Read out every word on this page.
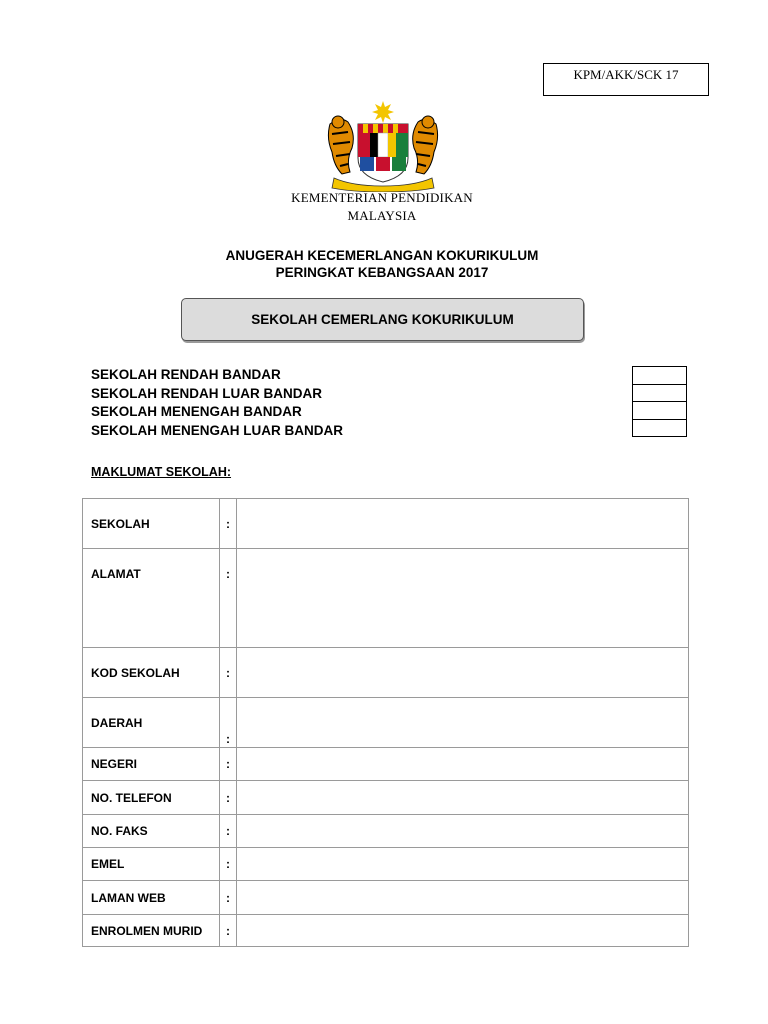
KPM/AKK/SCK 17
KEMENTERIAN PENDIDIKAN
MALAYSIA
ANUGERAH KECEMERLANGAN KOKURIKULUM
PERINGKAT KEBANGSAAN 2017
SEKOLAH CEMERLANG KOKURIKULUM
SEKOLAH RENDAH BANDAR
SEKOLAH RENDAH LUAR BANDAR
SEKOLAH MENENGAH BANDAR
SEKOLAH MENENGAH LUAR BANDAR
MAKLUMAT SEKOLAH:
SEKOLAH	:	
ALAMAT	:	
KOD SEKOLAH	:	
DAERAH	:	
NEGERI	:	
NO. TELEFON	:	
NO. FAKS	:	
EMEL	:	
LAMAN WEB	:	
ENROLMEN MURID	:	
